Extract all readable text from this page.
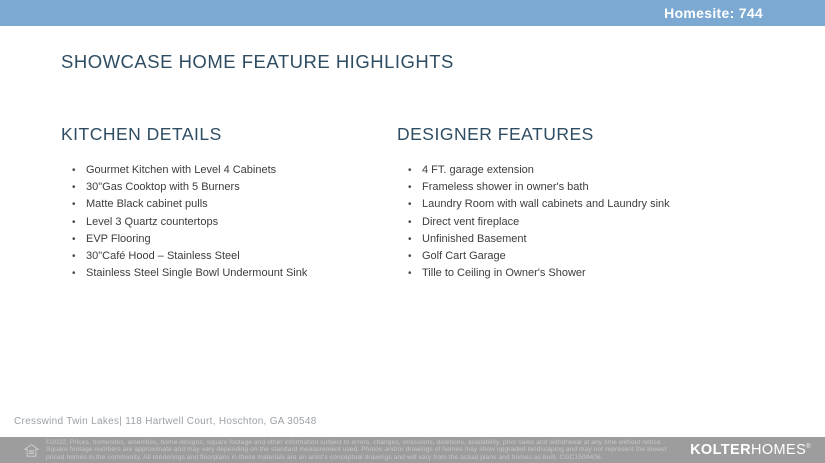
Homesite: 744
SHOWCASE HOME FEATURE HIGHLIGHTS
KITCHEN DETAILS
• Gourmet Kitchen with Level 4 Cabinets
• 30"Gas Cooktop with 5 Burners
• Matte Black cabinet pulls
• Level 3 Quartz countertops
• EVP Flooring
• 30"Café Hood – Stainless Steel
• Stainless Steel Single Bowl Undermount Sink
DESIGNER FEATURES
• 4 FT. garage extension
• Frameless shower in owner's bath
• Laundry Room with wall cabinets and Laundry sink
• Direct vent fireplace
• Unfinished Basement
• Golf Cart Garage
• Tille to Ceiling in Owner's Shower
Cresswind Twin Lakes| 118 Hartwell Court, Hoschton, GA 30548
©2022, Prices, homesites, amenities, home designs, square footage and other information subject to errors, changes, omissions, deletions, availability, prior sales and withdrawal at any time without notice.
Square footage numbers are approximate and may vary depending on the standard measurement used. Photos and/or drawings of homes may show upgraded landscaping and may not represent the lowest
priced homes in the community. All renderings and floorplans in these materials are an artist's conceptual drawings and will vary from the actual plans and homes as built. CGC1509406.	KOLTERHOMES®
